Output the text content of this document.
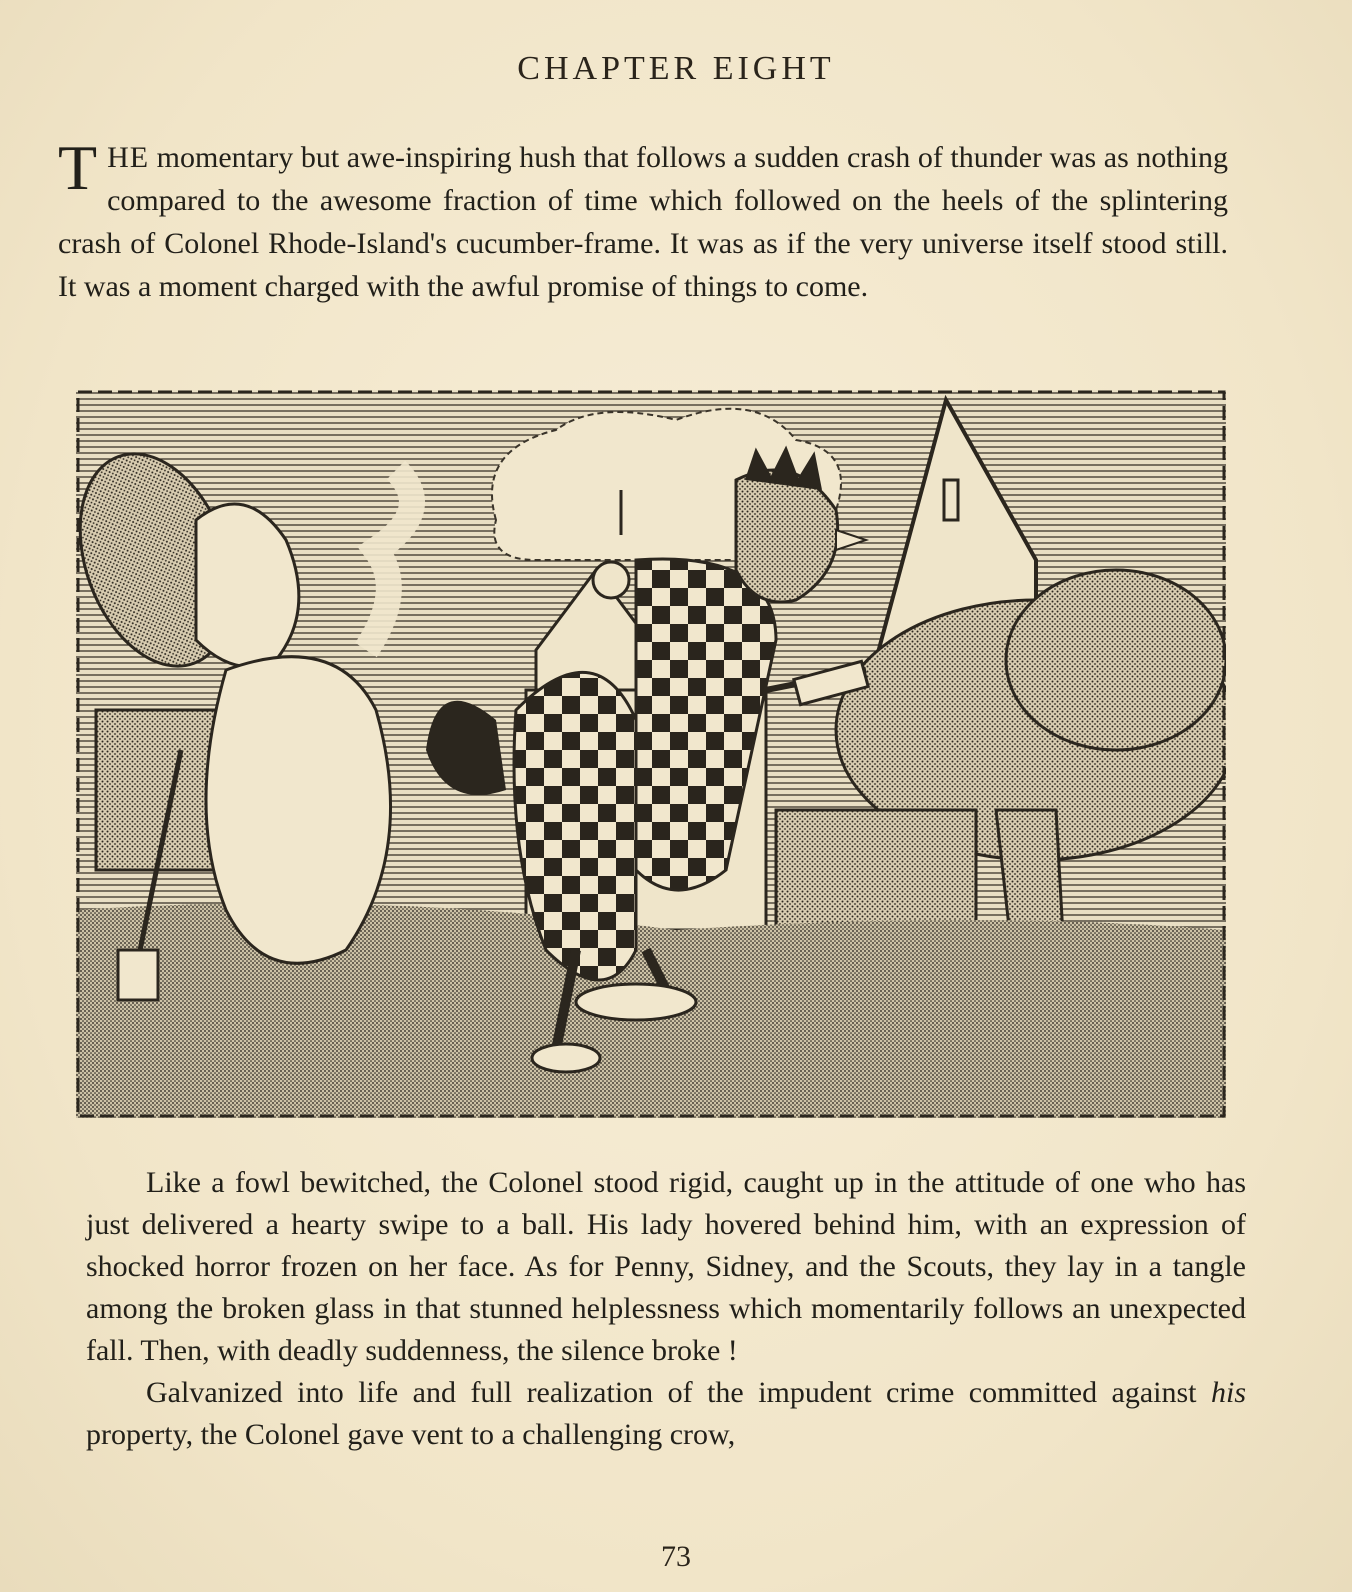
CHAPTER EIGHT
THE momentary but awe-inspiring hush that follows a sudden crash of thunder was as nothing compared to the awesome fraction of time which followed on the heels of the splintering crash of Colonel Rhode-Island's cucumber-frame. It was as if the very universe itself stood still. It was a moment charged with the awful promise of things to come.

Like a fowl bewitched, the Colonel stood rigid, caught up in the attitude of one who has just delivered a hearty swipe to a ball. His lady hovered behind him, with an expression of shocked horror frozen on her face. As for Penny, Sidney, and the Scouts, they lay in a tangle among the broken glass in that stunned helplessness which momentarily follows an unexpected fall. Then, with deadly suddenness, the silence broke !

Galvanized into life and full realization of the impudent crime committed against his property, the Colonel gave vent to a challenging crow,

73
